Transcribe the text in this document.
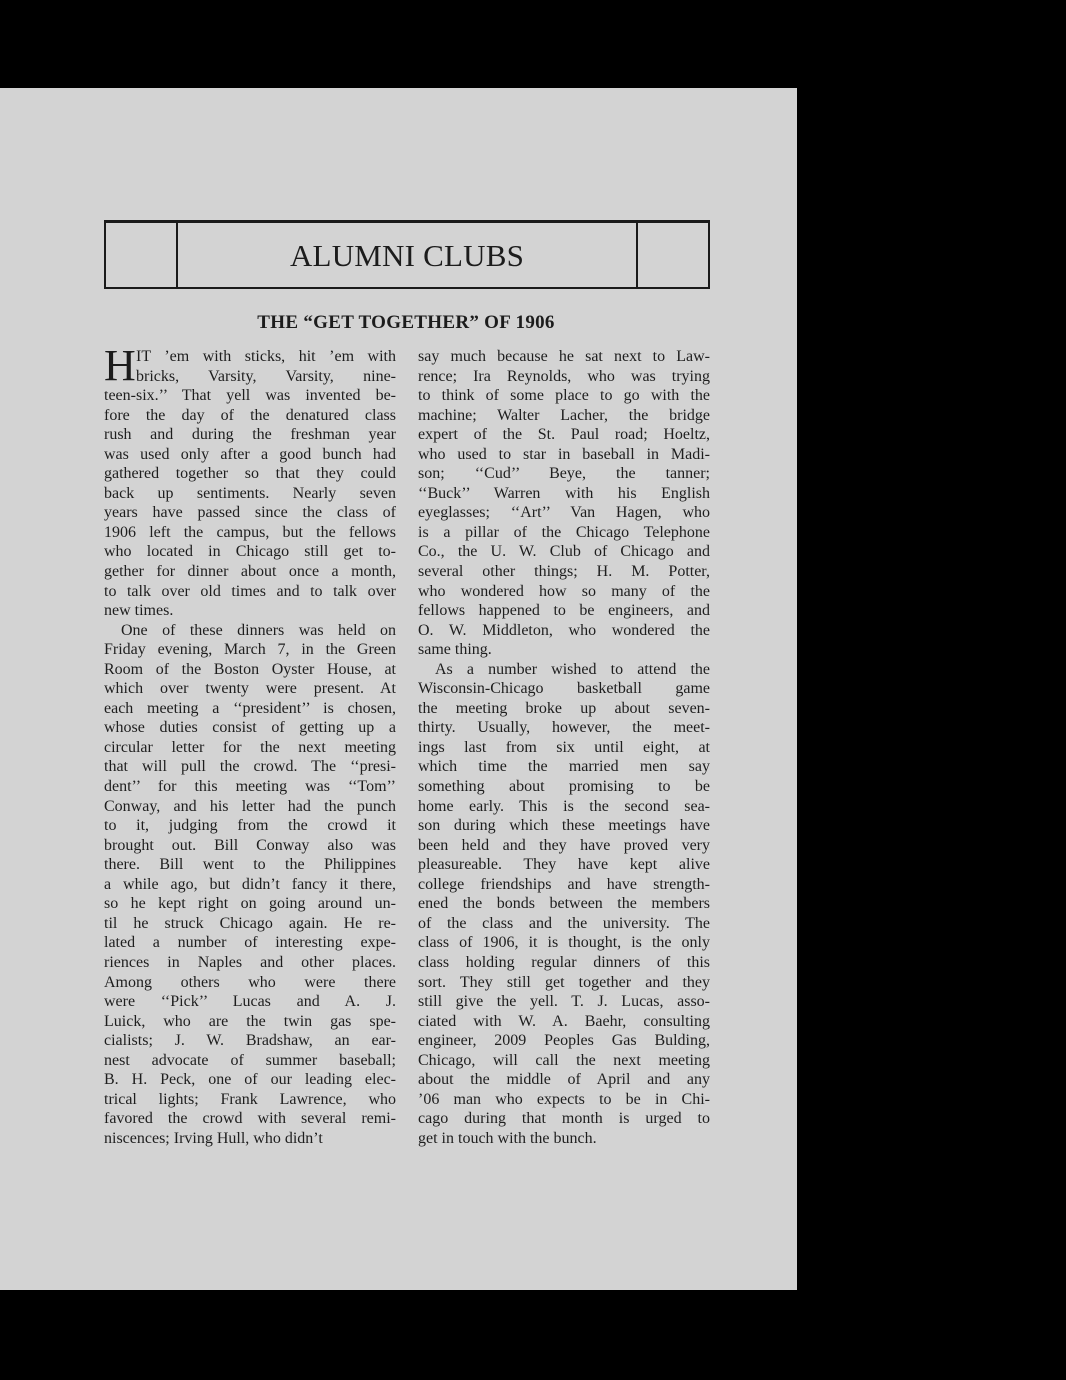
ALUMNI CLUBS
THE “GET TOGETHER” OF 1906
H IT ’em with sticks, hit ’em with
bricks, Varsity, Varsity, nine-
teen-six.’’ That yell was invented be-
fore the day of the denatured class
rush and during the freshman year
was used only after a good bunch had
gathered together so that they could
back up sentiments. Nearly seven
years have passed since the class of
1906 left the campus, but the fellows
who located in Chicago still get to-
gether for dinner about once a month,
to talk over old times and to talk over
new times.
One of these dinners was held on
Friday evening, March 7, in the Green
Room of the Boston Oyster House, at
which over twenty were present. At
each meeting a ‘‘president’’ is chosen,
whose duties consist of getting up a
circular letter for the next meeting
that will pull the crowd. The ‘‘presi-
dent’’ for this meeting was ‘‘Tom’’
Conway, and his letter had the punch
to it, judging from the crowd it
brought out. Bill Conway also was
there. Bill went to the Philippines
a while ago, but didn’t fancy it there,
so he kept right on going around un-
til he struck Chicago again. He re-
lated a number of interesting expe-
riences in Naples and other places.
Among others who were there
were ‘‘Pick’’ Lucas and A. J.
Luick, who are the twin gas spe-
cialists; J. W. Bradshaw, an ear-
nest advocate of summer baseball;
B. H. Peck, one of our leading elec-
trical lights; Frank Lawrence, who
favored the crowd with several remi-
niscences; Irving Hull, who didn’t
say much because he sat next to Law-
rence; Ira Reynolds, who was trying
to think of some place to go with the
machine; Walter Lacher, the bridge
expert of the St. Paul road; Hoeltz,
who used to star in baseball in Madi-
son; ‘‘Cud’’ Beye, the tanner;
‘‘Buck’’ Warren with his English
eyeglasses; ‘‘Art’’ Van Hagen, who
is a pillar of the Chicago Telephone
Co., the U. W. Club of Chicago and
several other things; H. M. Potter,
who wondered how so many of the
fellows happened to be engineers, and
O. W. Middleton, who wondered the
same thing.
As a number wished to attend the
Wisconsin-Chicago basketball game
the meeting broke up about seven-
thirty. Usually, however, the meet-
ings last from six until eight, at
which time the married men say
something about promising to be
home early. This is the second sea-
son during which these meetings have
been held and they have proved very
pleasureable. They have kept alive
college friendships and have strength-
ened the bonds between the members
of the class and the university. The
class of 1906, it is thought, is the only
class holding regular dinners of this
sort. They still get together and they
still give the yell. T. J. Lucas, asso-
ciated with W. A. Baehr, consulting
engineer, 2009 Peoples Gas Bulding,
Chicago, will call the next meeting
about the middle of April and any
’06 man who expects to be in Chi-
cago during that month is urged to
get in touch with the bunch.
